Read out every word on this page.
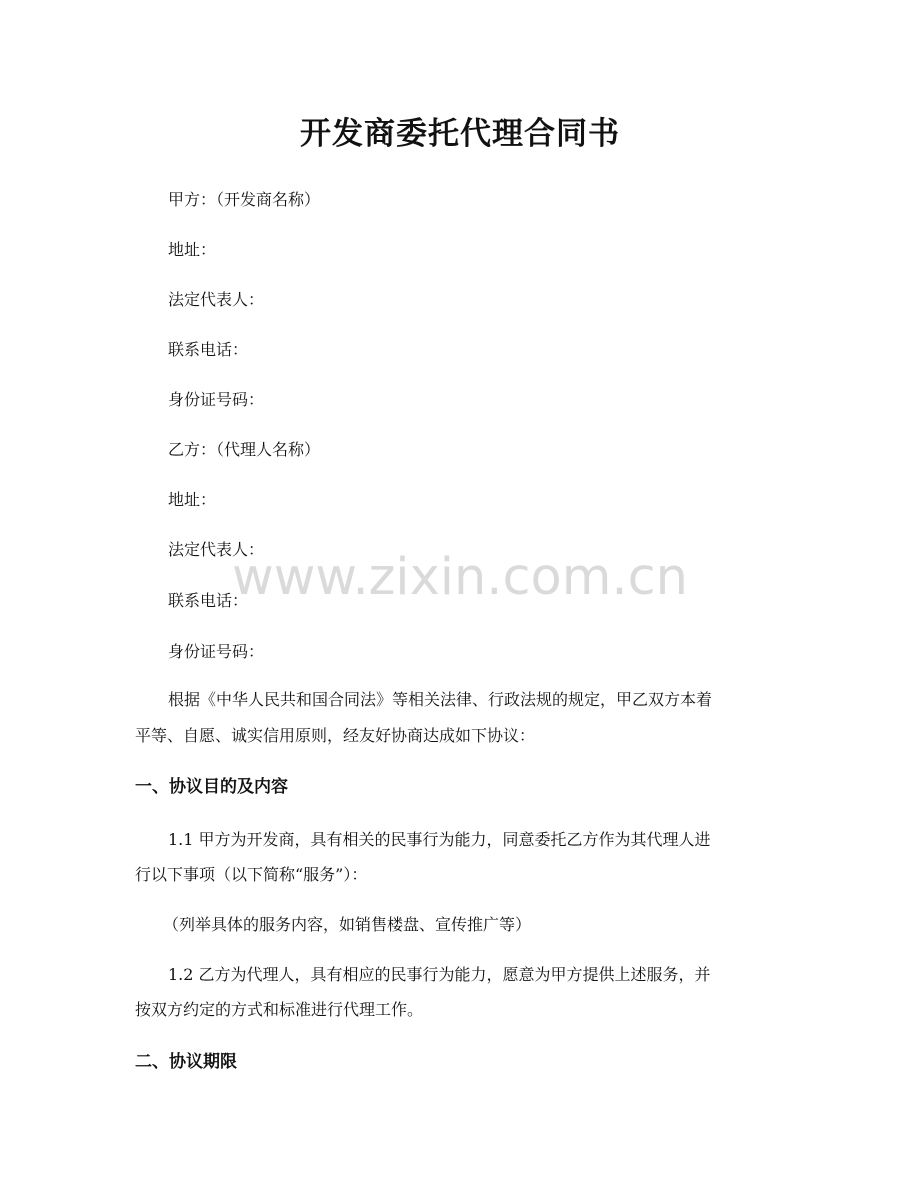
开发商委托代理合同书
甲方：（开发商名称）
地址：
法定代表人：
联系电话：
身份证号码：
乙方：（代理人名称）
地址：
法定代表人：
联系电话：
身份证号码：
根据《中华人民共和国合同法》等相关法律、行政法规的规定，甲乙双方本着
平等、自愿、诚实信用原则，经友好协商达成如下协议：
一、协议目的及内容
1.1 甲方为开发商，具有相关的民事行为能力，同意委托乙方作为其代理人进
行以下事项（以下简称“服务”）：
（列举具体的服务内容，如销售楼盘、宣传推广等）
1.2 乙方为代理人，具有相应的民事行为能力，愿意为甲方提供上述服务，并
按双方约定的方式和标准进行代理工作。
二、协议期限
www.zixin.com.cn
